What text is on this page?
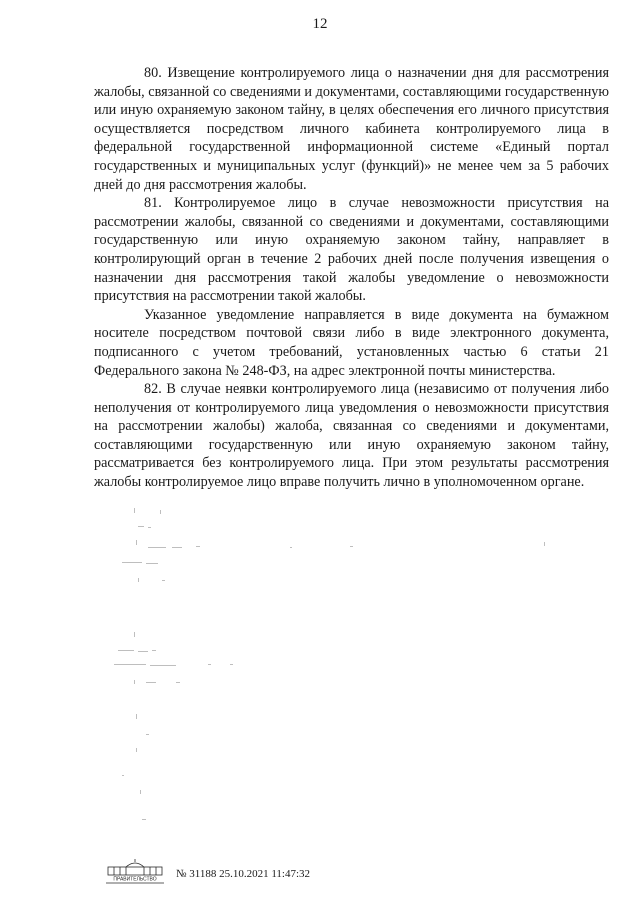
12

80. Извещение контролируемого лица о назначении дня для рассмотрения жалобы, связанной со сведениями и документами, составляющими государственную или иную охраняемую законом тайну, в целях обеспечения его личного присутствия осуществляется посредством личного кабинета контролируемого лица в федеральной государственной информационной системе «Единый портал государственных и муниципальных услуг (функций)» не менее чем за 5 рабочих дней до дня рассмотрения жалобы.

81. Контролируемое лицо в случае невозможности присутствия на рассмотрении жалобы, связанной со сведениями и документами, составляющими государственную или иную охраняемую законом тайну, направляет в контролирующий орган в течение 2 рабочих дней после получения извещения о назначении дня рассмотрения такой жалобы уведомление о невозможности присутствия на рассмотрении такой жалобы.

Указанное уведомление направляется в виде документа на бумажном носителе посредством почтовой связи либо в виде электронного документа, подписанного с учетом требований, установленных частью 6 статьи 21 Федерального закона № 248-ФЗ, на адрес электронной почты министерства.

82. В случае неявки контролируемого лица (независимо от получения либо неполучения от контролируемого лица уведомления о невозможности присутствия на рассмотрении жалобы) жалоба, связанная со сведениями и документами, составляющими государственную или иную охраняемую законом тайну, рассматривается без контролируемого лица. При этом результаты рассмотрения жалобы контролируемое лицо вправе получить лично в уполномоченном органе.

ПРАВИТЕЛЬСТВО № 31188 25.10.2021 11:47:32
